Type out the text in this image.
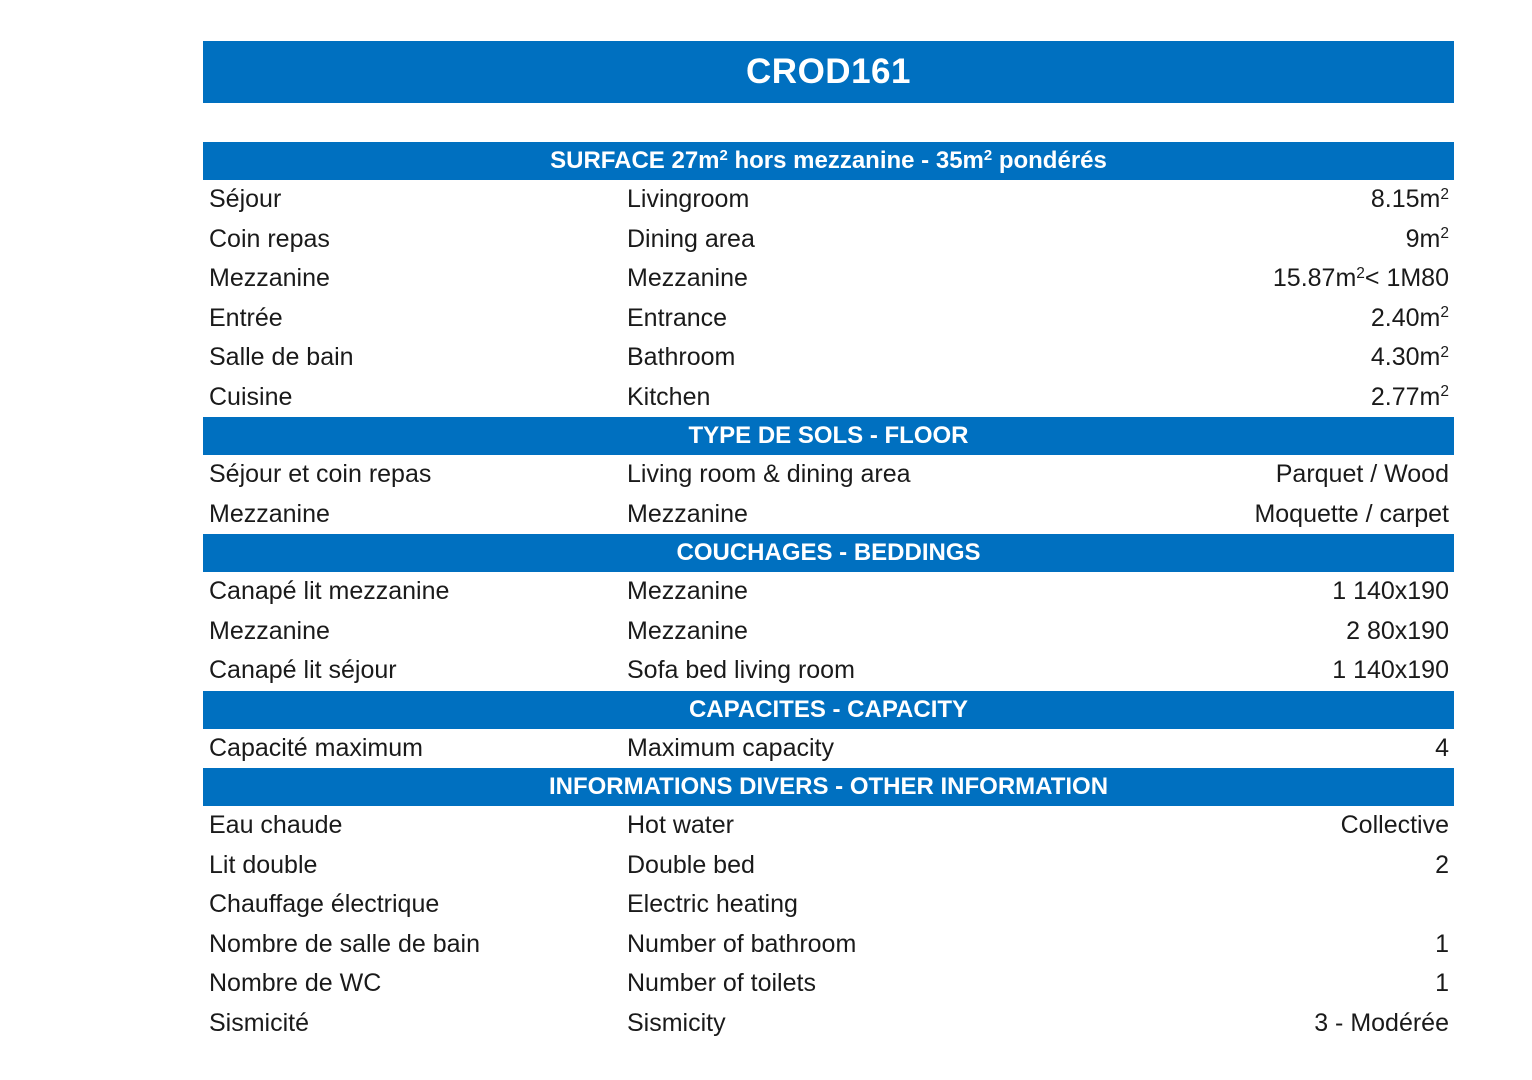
CROD161
SURFACE $27m^2$ hors mezzanine - $35m^2$ pondérés
Séjour	Livingroom	$8.15m^2$
Coin repas	Dining area	$9m^2$
Mezzanine	Mezzanine	$15.87m^2< 1M80$
Entrée	Entrance	$2.40m^2$
Salle de bain	Bathroom	$4.30m^2$
Cuisine	Kitchen	$2.77m^2$
TYPE DE SOLS - FLOOR
Séjour et coin repas	Living room & dining area	Parquet / Wood
Mezzanine	Mezzanine	Moquette / carpet
COUCHAGES - BEDDINGS
Canapé lit mezzanine	Mezzanine	1 140x190
Mezzanine	Mezzanine	2 80x190
Canapé lit séjour	Sofa bed living room	1 140x190
CAPACITES - CAPACITY
Capacité maximum	Maximum capacity	4
INFORMATIONS DIVERS - OTHER INFORMATION
Eau chaude	Hot water	Collective
Lit double	Double bed	2
Chauffage électrique	Electric heating
Nombre de salle de bain	Number of bathroom	1
Nombre de WC	Number of toilets	1
Sismicité	Sismicity	3 - Modérée
